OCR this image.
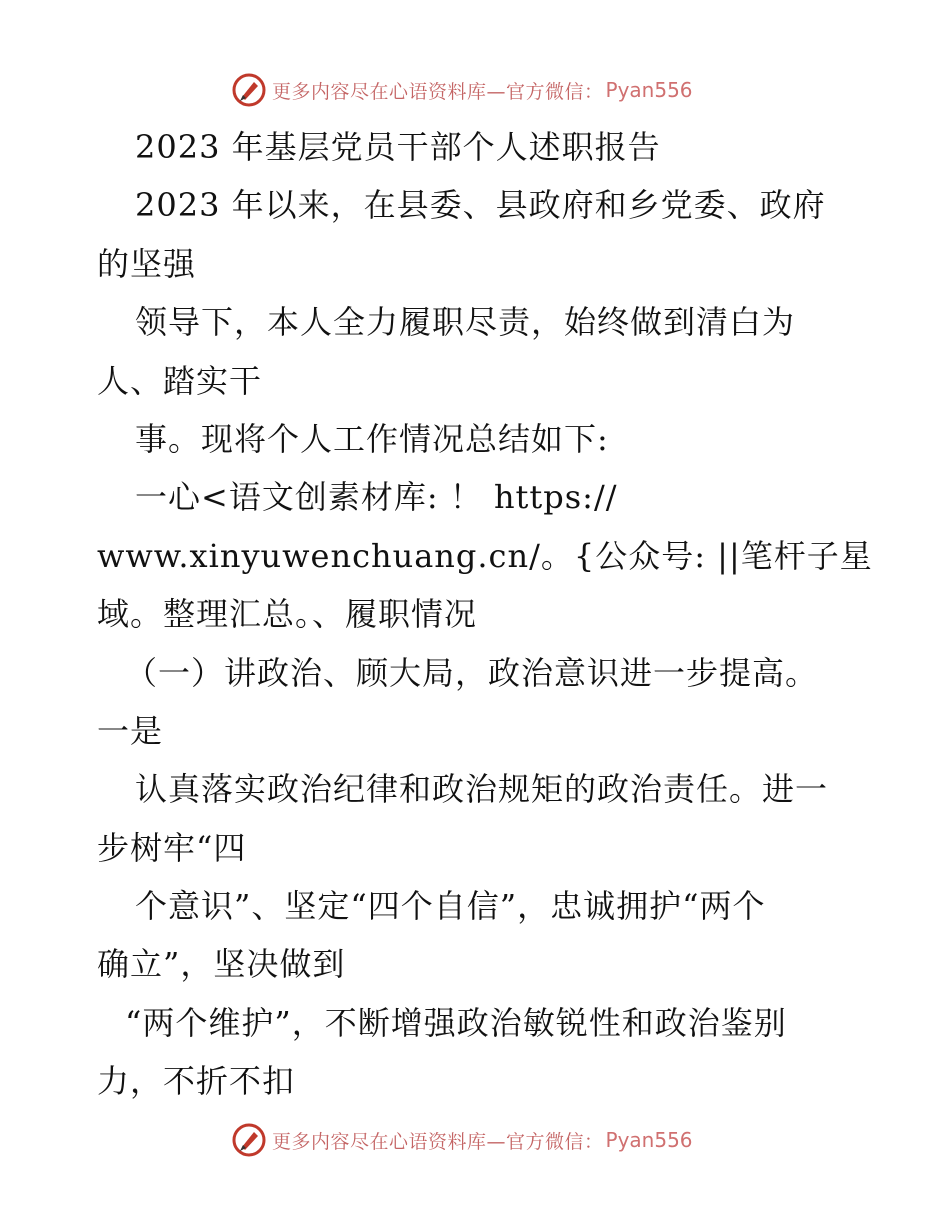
更多内容尽在心语资料库—官方微信： Pyan556
2023 年基层党员干部个人述职报告
2023 年以来，在县委、县政府和乡党委、政府
的坚强
领导下，本人全力履职尽责，始终做到清白为
人、踏实干
事。现将个人工作情况总结如下:
一心<语文创素材库: ！ https://
www.xinyuwenchuang.cn/。{公众号: ||笔杆子星
域。整理汇总。、履职情况
（一）讲政治、顾大局，政治意识进一步提高。
一是
认真落实政治纪律和政治规矩的政治责任。进一
步树牢“四
个意识”、坚定“四个自信”，忠诚拥护“两个
确立”，坚决做到
“两个维护”，不断增强政治敏锐性和政治鉴别
力，不折不扣
更多内容尽在心语资料库—官方微信： Pyan556
